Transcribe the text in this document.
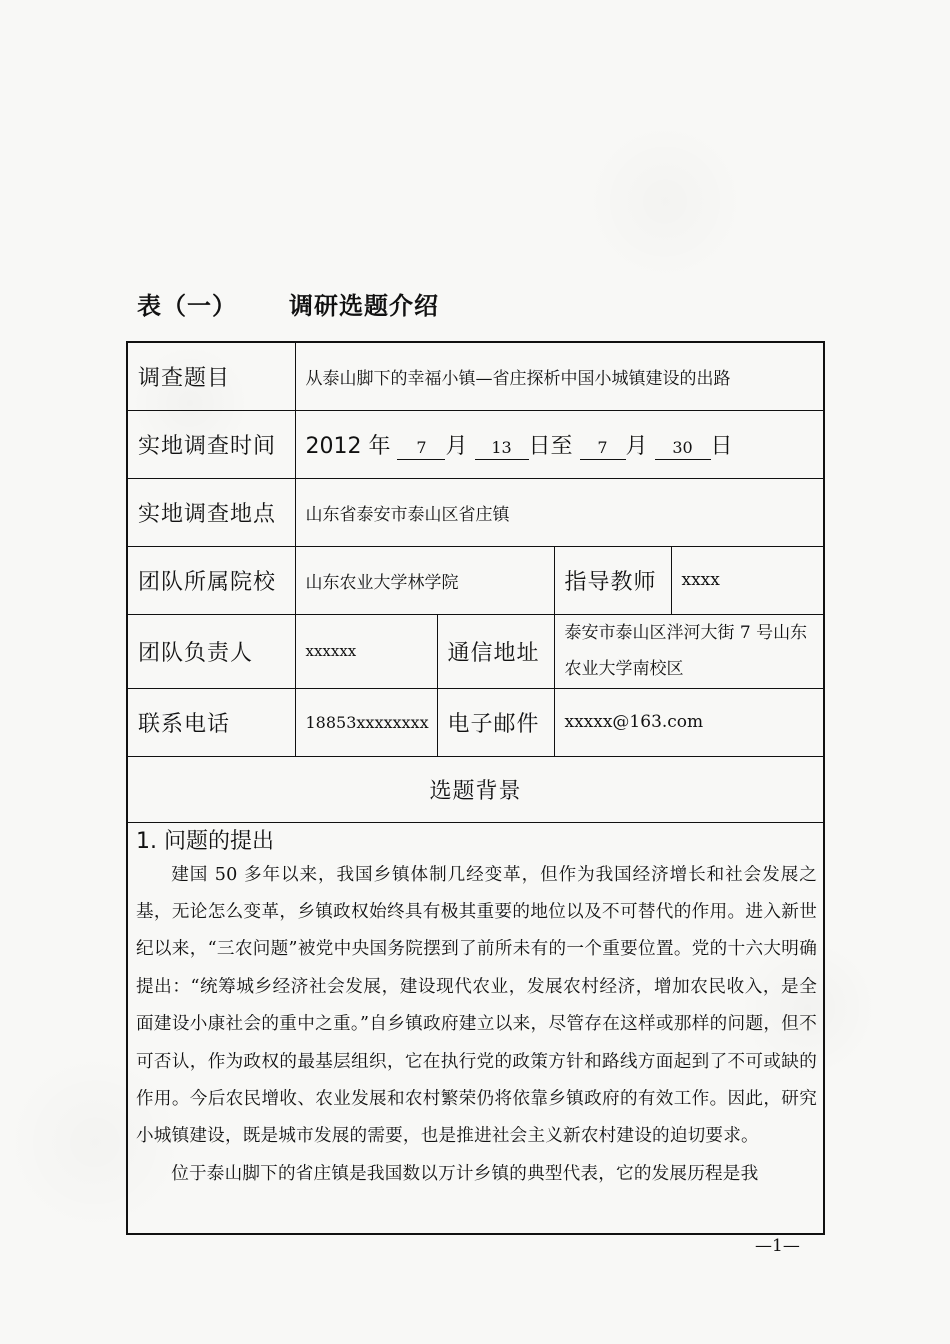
表（一） 调研选题介绍
调查题目	从泰山脚下的幸福小镇—省庄探析中国小城镇建设的出路			
实地调查时间	2012 年 7 月 13 日至 7 月 30 日			
实地调查地点	山东省泰安市泰山区省庄镇			
团队所属院校	山东农业大学林学院		指导教师	xxxx
团队负责人	xxxxxx	通信地址	泰安市泰山区泮河大街 7 号山东农业大学南校区	
联系电话	18853xxxxxxxx	电子邮件	xxxxx@163.com	
选题背景				

1. 问题的提出

建国 50 多年以来，我国乡镇体制几经变革，但作为我国经济增长和社会发展之基，无论怎么变革，乡镇政权始终具有极其重要的地位以及不可替代的作用。进入新世纪以来，“三农问题”被党中央国务院摆到了前所未有的一个重要位置。党的十六大明确提出：“统筹城乡经济社会发展，建设现代农业，发展农村经济，增加农民收入，是全面建设小康社会的重中之重。”自乡镇政府建立以来，尽管存在这样或那样的问题，但不可否认，作为政权的最基层组织，它在执行党的政策方针和路线方面起到了不可或缺的作用。今后农民增收、农业发展和农村繁荣仍将依靠乡镇政府的有效工作。因此，研究小城镇建设，既是城市发展的需要，也是推进社会主义新农村建设的迫切要求。

位于泰山脚下的省庄镇是我国数以万计乡镇的典型代表，它的发展历程是我				

—1—
